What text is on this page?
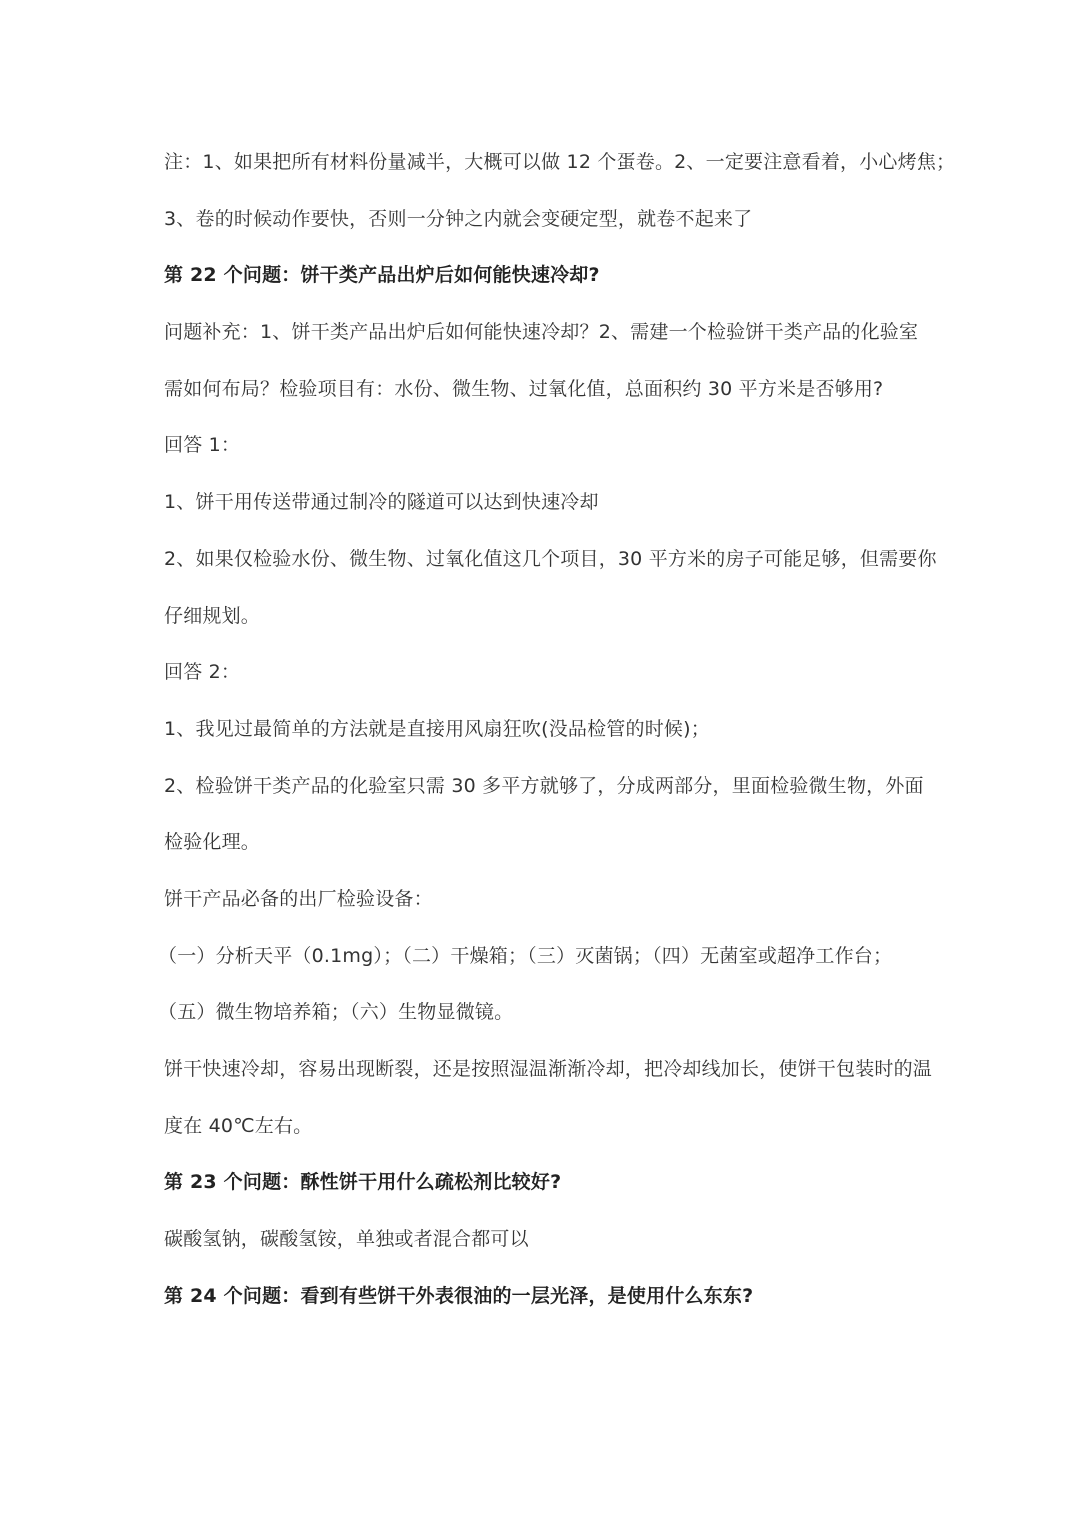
注：1、如果把所有材料份量减半，大概可以做 12 个蛋卷。2、一定要注意看着，小心烤焦；
3、卷的时候动作要快，否则一分钟之内就会变硬定型，就卷不起来了
第 22 个问题：饼干类产品出炉后如何能快速冷却?
问题补充：1、饼干类产品出炉后如何能快速冷却？2、需建一个检验饼干类产品的化验室
需如何布局？检验项目有：水份、微生物、过氧化值，总面积约 30 平方米是否够用?
回答 1：
1、饼干用传送带通过制冷的隧道可以达到快速冷却
2、如果仅检验水份、微生物、过氧化值这几个项目，30 平方米的房子可能足够，但需要你
仔细规划。
回答 2：
1、我见过最简单的方法就是直接用风扇狂吹(没品检管的时候)；
2、检验饼干类产品的化验室只需 30 多平方就够了，分成两部分，里面检验微生物，外面
检验化理。
饼干产品必备的出厂检验设备：
（一）分析天平（0.1mg）；（二）干燥箱；（三）灭菌锅；（四）无菌室或超净工作台；
（五）微生物培养箱；（六）生物显微镜。
饼干快速冷却，容易出现断裂，还是按照湿温渐渐冷却，把冷却线加长，使饼干包装时的温
度在 40℃左右。
第 23 个问题：酥性饼干用什么疏松剂比较好?
碳酸氢钠，碳酸氢铵，单独或者混合都可以
第 24 个问题：看到有些饼干外表很油的一层光泽，是使用什么东东?
